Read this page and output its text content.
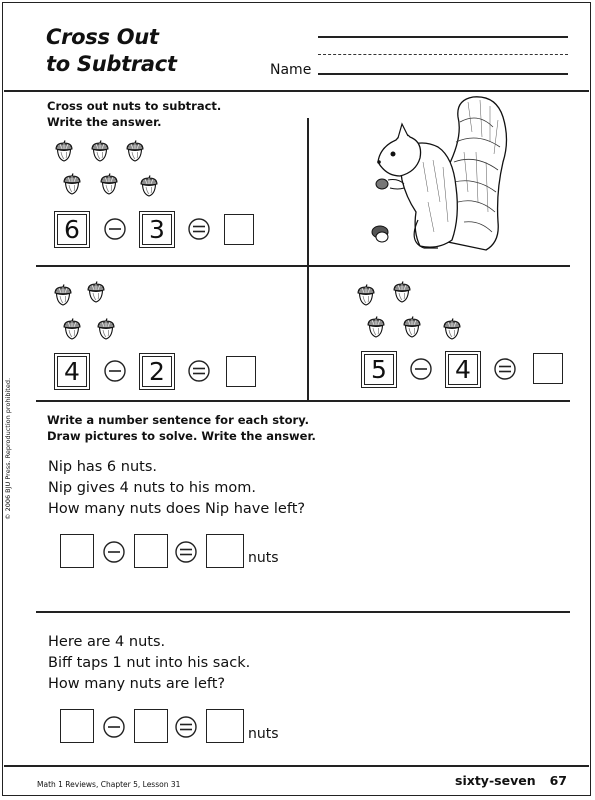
Cross Out
to Subtract	Name
Cross out nuts to subtract.
Write the answer.
6	3
4	2	5	4
Write a number sentence for each story.
Draw pictures to solve. Write the answer.
Nip has 6 nuts.
Nip gives 4 nuts to his mom.
How many nuts does Nip have left?
nuts
Here are 4 nuts.
Biff taps 1 nut into his sack.
How many nuts are left?
nuts
Math 1 Reviews, Chapter 5, Lesson 31	sixty-seven 67
© 2006 BJU Press. Reproduction prohibited.
